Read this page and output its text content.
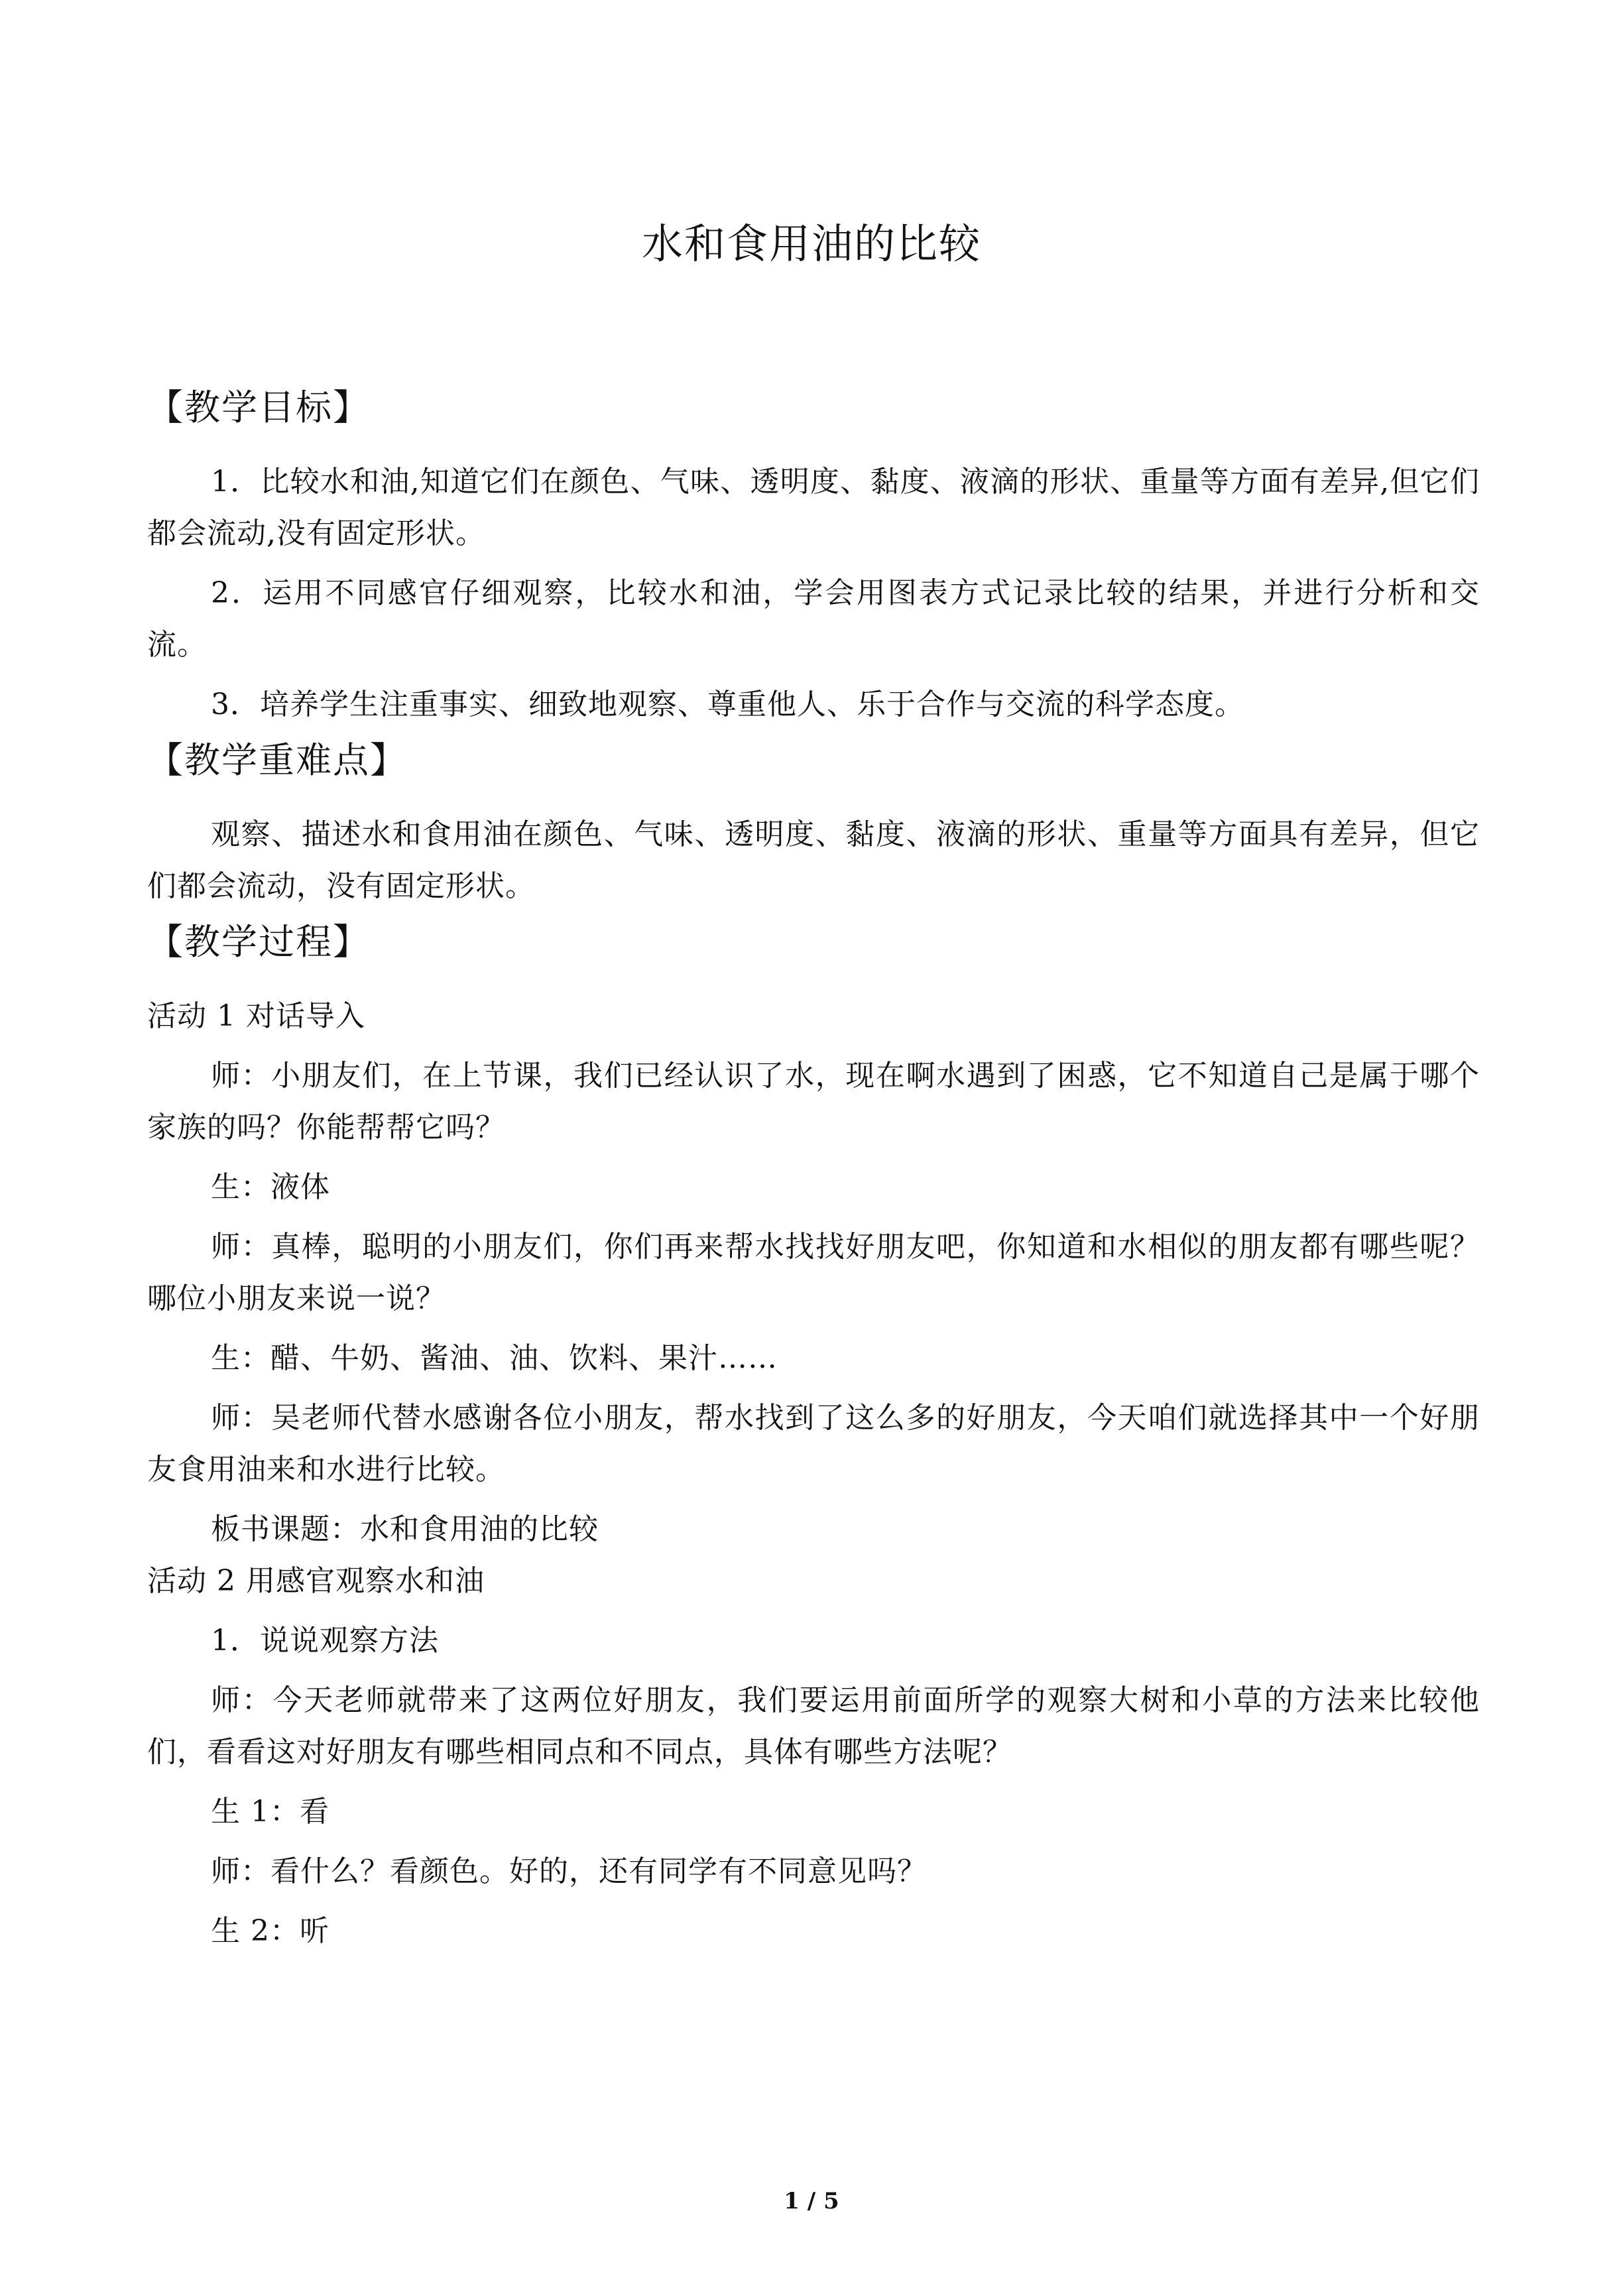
水和食用油的比较
【教学目标】

1．比较水和油,知道它们在颜色、气味、透明度、黏度、液滴的形状、重量等方面有差异,但它们都会流动,没有固定形状。

2．运用不同感官仔细观察，比较水和油，学会用图表方式记录比较的结果，并进行分析和交流。

3．培养学生注重事实、细致地观察、尊重他人、乐于合作与交流的科学态度。

【教学重难点】

观察、描述水和食用油在颜色、气味、透明度、黏度、液滴的形状、重量等方面具有差异，但它们都会流动，没有固定形状。

【教学过程】

活动 1 对话导入

师：小朋友们，在上节课，我们已经认识了水，现在啊水遇到了困惑，它不知道自己是属于哪个家族的吗？你能帮帮它吗？

生：液体

师：真棒，聪明的小朋友们，你们再来帮水找找好朋友吧，你知道和水相似的朋友都有哪些呢？哪位小朋友来说一说？

生：醋、牛奶、酱油、油、饮料、果汁……

师：吴老师代替水感谢各位小朋友，帮水找到了这么多的好朋友，今天咱们就选择其中一个好朋友食用油来和水进行比较。

板书课题：水和食用油的比较

活动 2 用感官观察水和油

1．说说观察方法

师：今天老师就带来了这两位好朋友，我们要运用前面所学的观察大树和小草的方法来比较他们，看看这对好朋友有哪些相同点和不同点，具体有哪些方法呢？

生 1：看

师：看什么？看颜色。好的，还有同学有不同意见吗？

生 2：听

1 / 5
